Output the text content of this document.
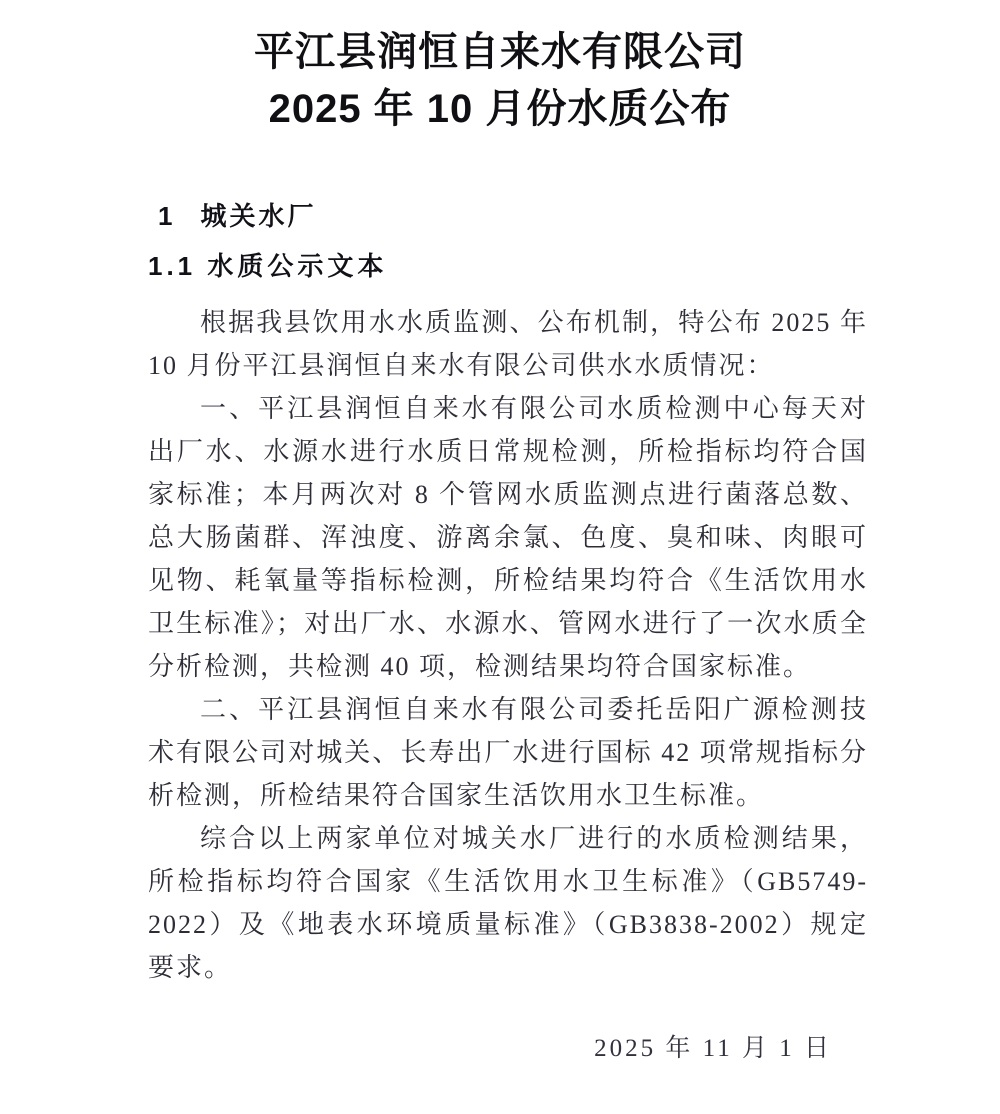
平江县润恒自来水有限公司
2025 年 10 月份水质公布
1 城关水厂
1.1 水质公示文本

根据我县饮用水水质监测、公布机制，特公布 2025 年 10 月份平江县润恒自来水有限公司供水水质情况：

一、平江县润恒自来水有限公司水质检测中心每天对出厂水、水源水进行水质日常规检测，所检指标均符合国家标准；本月两次对 8 个管网水质监测点进行菌落总数、总大肠菌群、浑浊度、游离余氯、色度、臭和味、肉眼可见物、耗氧量等指标检测，所检结果均符合《生活饮用水卫生标准》；对出厂水、水源水、管网水进行了一次水质全分析检测，共检测 40 项，检测结果均符合国家标准。

二、平江县润恒自来水有限公司委托岳阳广源检测技术有限公司对城关、长寿出厂水进行国标 42 项常规指标分析检测，所检结果符合国家生活饮用水卫生标准。

综合以上两家单位对城关水厂进行的水质检测结果，所检指标均符合国家《生活饮用水卫生标准》（GB5749-2022）及《地表水环境质量标准》（GB3838-2002）规定要求。

2025 年 11 月 1 日
